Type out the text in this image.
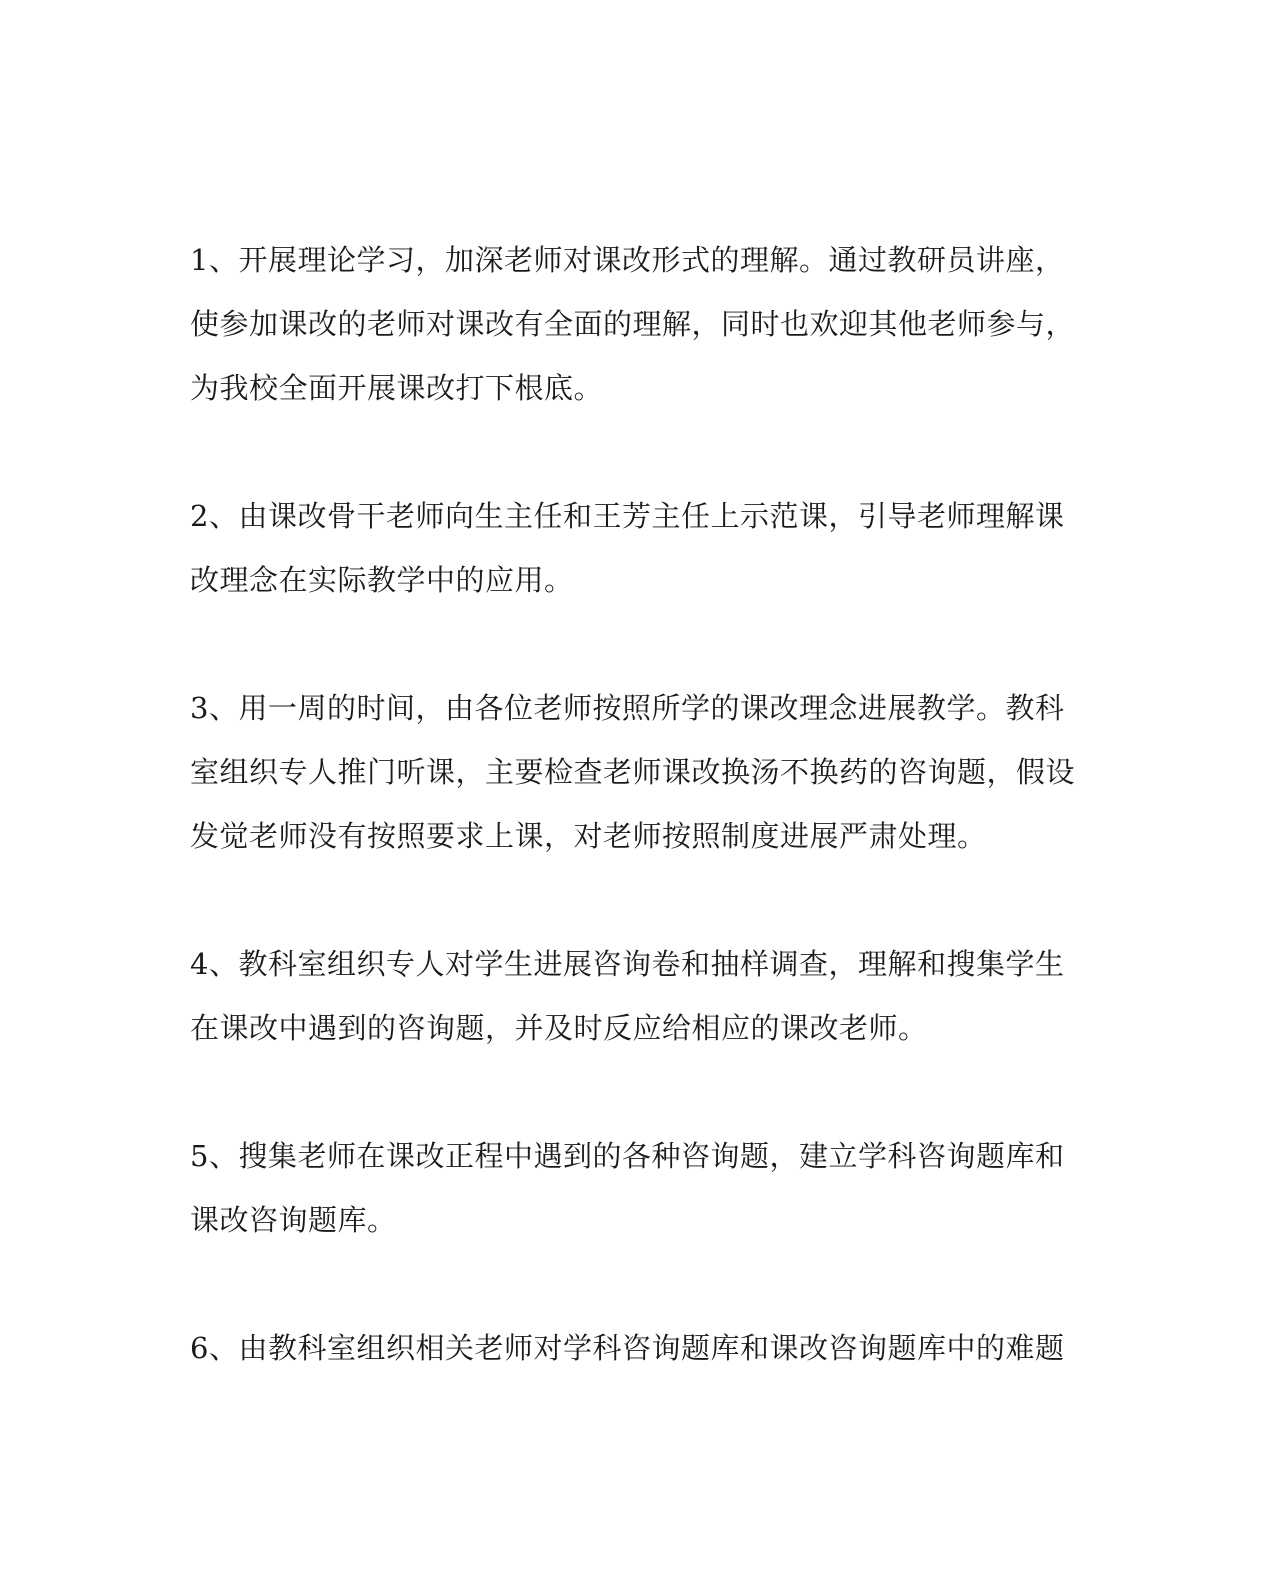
1、开展理论学习，加深老师对课改形式的理解。通过教研员讲座，
使参加课改的老师对课改有全面的理解，同时也欢迎其他老师参与，
为我校全面开展课改打下根底。
2、由课改骨干老师向生主任和王芳主任上示范课，引导老师理解课
改理念在实际教学中的应用。
3、用一周的时间，由各位老师按照所学的课改理念进展教学。教科
室组织专人推门听课，主要检查老师课改换汤不换药的咨询题，假设
发觉老师没有按照要求上课，对老师按照制度进展严肃处理。
4、教科室组织专人对学生进展咨询卷和抽样调查，理解和搜集学生
在课改中遇到的咨询题，并及时反应给相应的课改老师。
5、搜集老师在课改正程中遇到的各种咨询题，建立学科咨询题库和
课改咨询题库。
6、由教科室组织相关老师对学科咨询题库和课改咨询题库中的难题
